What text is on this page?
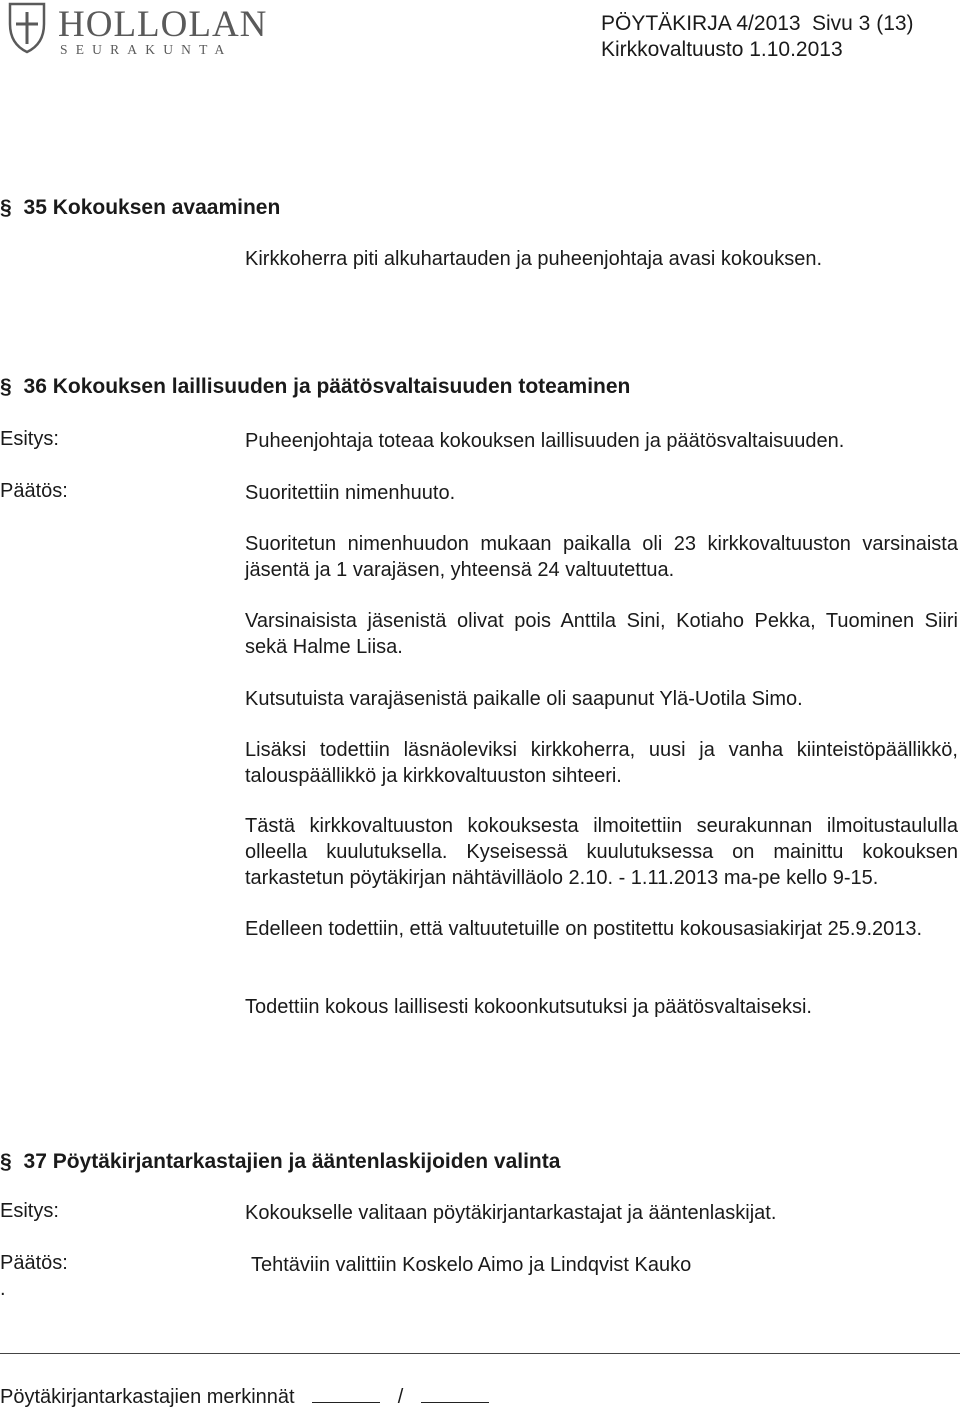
HOLLOLAN
SEURAKUNTA
PÖYTÄKIRJA 4/2013 Sivu 3 (13)
Kirkkovaltuusto 1.10.2013
§ 35 Kokouksen avaaminen
Kirkkoherra piti alkuhartauden ja puheenjohtaja avasi kokouksen.
§ 36 Kokouksen laillisuuden ja päätösvaltaisuuden toteaminen
Esitys:	Puheenjohtaja toteaa kokouksen laillisuuden ja päätösvaltaisuuden.
Päätös:	Suoritettiin nimenhuuto.
Suoritetun nimenhuudon mukaan paikalla oli 23 kirkkovaltuuston varsinaista jäsentä ja 1 varajäsen, yhteensä 24 valtuutettua.
Varsinaisista jäsenistä olivat pois Anttila Sini, Kotiaho Pekka, Tuominen Siiri sekä Halme Liisa.
Kutsutuista varajäsenistä paikalle oli saapunut Ylä-Uotila Simo.
Lisäksi todettiin läsnäoleviksi kirkkoherra, uusi ja vanha kiinteistöpäällikkö, talouspäällikkö ja kirkkovaltuuston sihteeri.
Tästä kirkkovaltuuston kokouksesta ilmoitettiin seurakunnan ilmoitustaululla olleella kuulutuksella. Kyseisessä kuulutuksessa on mainittu kokouksen tarkastetun pöytäkirjan nähtävilläolo 2.10. - 1.11.2013 ma-pe kello 9-15.
Edelleen todettiin, että valtuutetuille on postitettu kokousasiakirjat 25.9.2013.
Todettiin kokous laillisesti kokoonkutsutuksi ja päätösvaltaiseksi.
§ 37 Pöytäkirjantarkastajien ja ääntenlaskijoiden valinta
Esitys:	Kokoukselle valitaan pöytäkirjantarkastajat ja ääntenlaskijat.
Päätös:	Tehtäviin valittiin Koskelo Aimo ja Lindqvist Kauko
.
Pöytäkirjantarkastajien merkinnät	/
